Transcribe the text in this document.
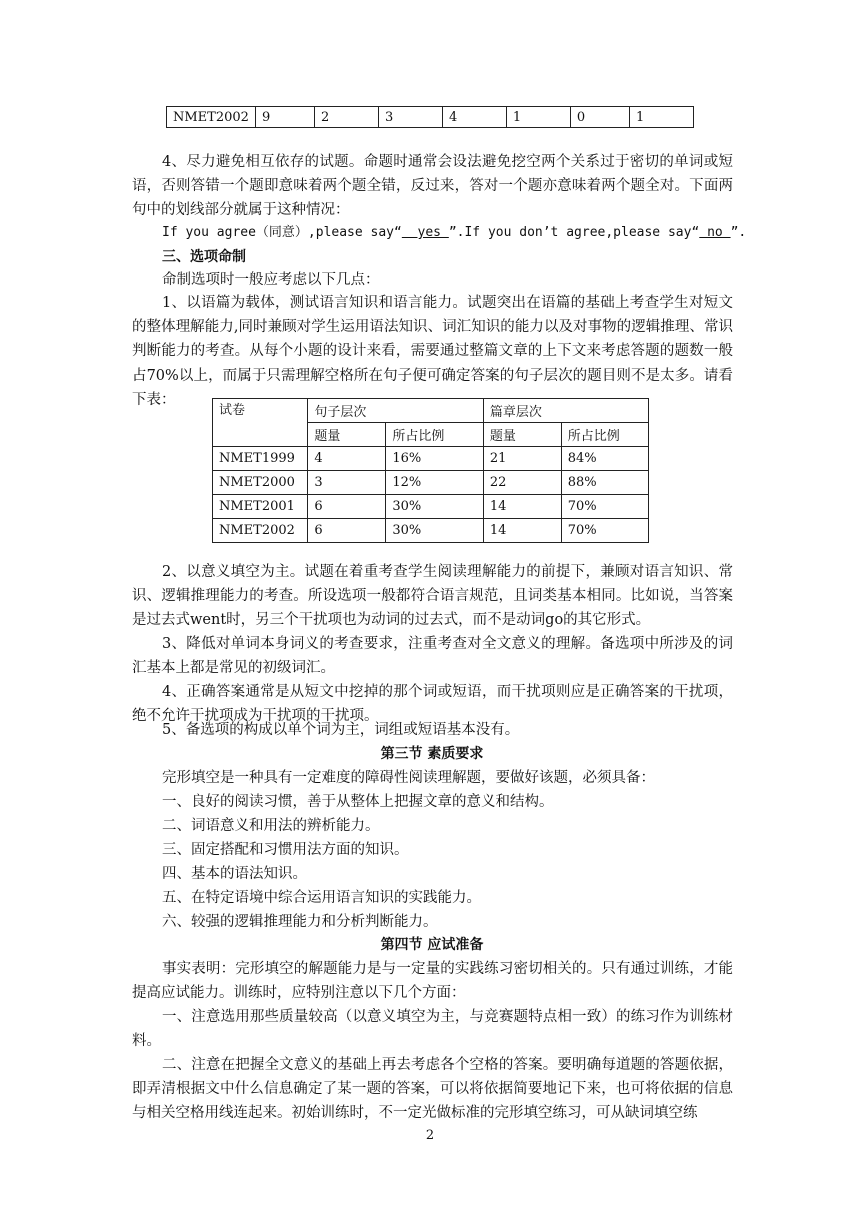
NMET2002	9	2	3	4	1	0	1
4、尽力避免相互依存的试题。命题时通常会设法避免挖空两个关系过于密切的单词或短语，否则答错一个题即意味着两个题全错，反过来，答对一个题亦意味着两个题全对。下面两句中的划线部分就属于这种情况：
If you agree（同意）,please say“  yes ”.If you don’t agree,please say“ no ”.
三、选项命制
命制选项时一般应考虑以下几点：
1、以语篇为载体，测试语言知识和语言能力。试题突出在语篇的基础上考查学生对短文的整体理解能力,同时兼顾对学生运用语法知识、词汇知识的能力以及对事物的逻辑推理、常识判断能力的考查。从每个小题的设计来看，需要通过整篇文章的上下文来考虑答题的题数一般占70%以上，而属于只需理解空格所在句子便可确定答案的句子层次的题目则不是太多。请看下表：
试卷	句子层次		篇章层次	
	题量	所占比例	题量	所占比例
NMET1999	4	16%	21	84%
NMET2000	3	12%	22	88%
NMET2001	6	30%	14	70%
NMET2002	6	30%	14	70%
2、以意义填空为主。试题在着重考查学生阅读理解能力的前提下，兼顾对语言知识、常识、逻辑推理能力的考查。所设选项一般都符合语言规范，且词类基本相同。比如说，当答案是过去式went时，另三个干扰项也为动词的过去式，而不是动词go的其它形式。
3、降低对单词本身词义的考查要求，注重考查对全文意义的理解。备选项中所涉及的词汇基本上都是常见的初级词汇。
4、正确答案通常是从短文中挖掉的那个词或短语，而干扰项则应是正确答案的干扰项，绝不允许干扰项成为干扰项的干扰项。
5、备选项的构成以单个词为主，词组或短语基本没有。
第三节 素质要求
完形填空是一种具有一定难度的障碍性阅读理解题，要做好该题，必须具备：
一、良好的阅读习惯，善于从整体上把握文章的意义和结构。
二、词语意义和用法的辨析能力。
三、固定搭配和习惯用法方面的知识。
四、基本的语法知识。
五、在特定语境中综合运用语言知识的实践能力。
六、较强的逻辑推理能力和分析判断能力。
第四节 应试准备
事实表明：完形填空的解题能力是与一定量的实践练习密切相关的。只有通过训练，才能提高应试能力。训练时，应特别注意以下几个方面：
一、注意选用那些质量较高（以意义填空为主，与竞赛题特点相一致）的练习作为训练材料。
二、注意在把握全文意义的基础上再去考虑各个空格的答案。要明确每道题的答题依据，即弄清根据文中什么信息确定了某一题的答案，可以将依据简要地记下来，也可将依据的信息与相关空格用线连起来。初始训练时，不一定光做标准的完形填空练习，可从缺词填空练
2
